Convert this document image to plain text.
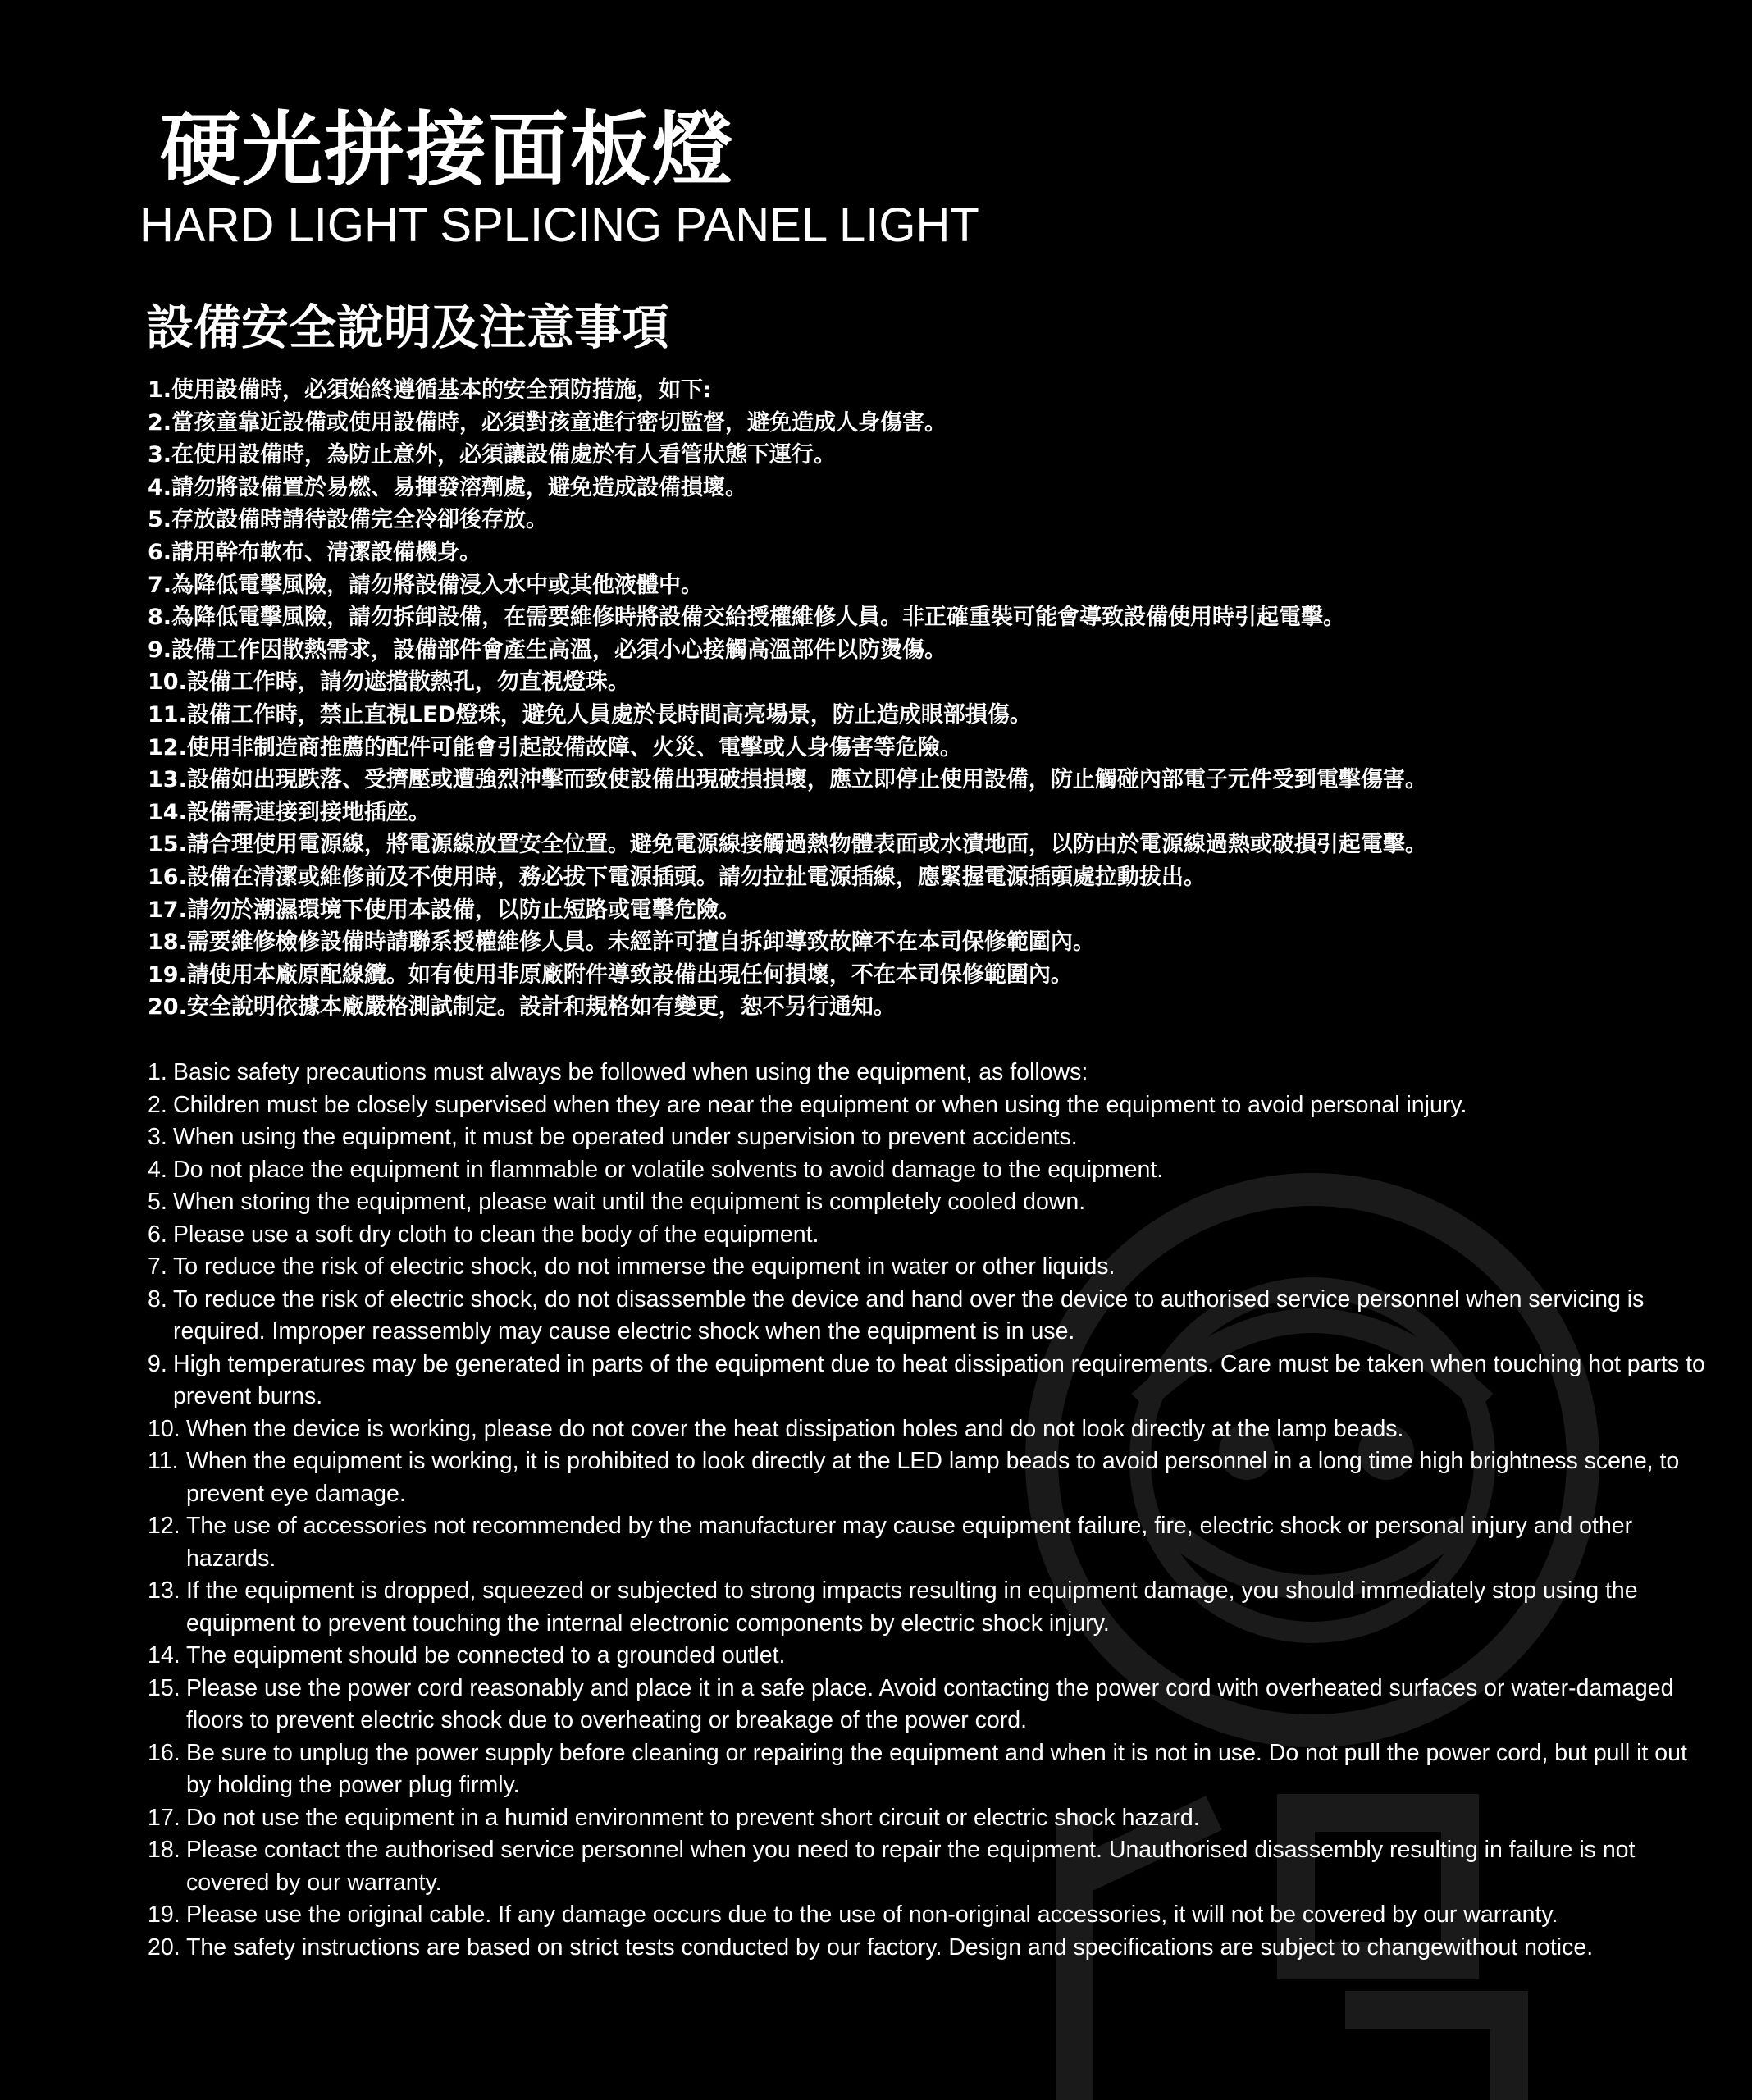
硬光拼接面板燈
HARD LIGHT SPLICING PANEL LIGHT
設備安全說明及注意事項
1.使用設備時，必須始終遵循基本的安全預防措施，如下:
2.當孩童靠近設備或使用設備時，必須對孩童進行密切監督，避免造成人身傷害。
3.在使用設備時，為防止意外，必須讓設備處於有人看管狀態下運行。
4.請勿將設備置於易燃、易揮發溶劑處，避免造成設備損壞。
5.存放設備時請待設備完全冷卻後存放。
6.請用幹布軟布、清潔設備機身。
7.為降低電擊風險，請勿將設備浸入水中或其他液體中。
8.為降低電擊風險，請勿拆卸設備，在需要維修時將設備交給授權維修人員。非正確重裝可能會導致設備使用時引起電擊。
9.設備工作因散熱需求，設備部件會產生高溫，必須小心接觸高溫部件以防燙傷。
10.設備工作時，請勿遮擋散熱孔，勿直視燈珠。
11.設備工作時，禁止直視LED燈珠，避免人員處於長時間高亮場景，防止造成眼部損傷。
12.使用非制造商推薦的配件可能會引起設備故障、火災、電擊或人身傷害等危險。
13.設備如出現跌落、受擠壓或遭強烈沖擊而致使設備出現破損損壞，應立即停止使用設備，防止觸碰內部電子元件受到電擊傷害。
14.設備需連接到接地插座。
15.請合理使用電源線，將電源線放置安全位置。避免電源線接觸過熱物體表面或水漬地面，以防由於電源線過熱或破損引起電擊。
16.設備在清潔或維修前及不使用時，務必拔下電源插頭。請勿拉扯電源插線，應緊握電源插頭處拉動拔出。
17.請勿於潮濕環境下使用本設備，以防止短路或電擊危險。
18.需要維修檢修設備時請聯系授權維修人員。未經許可擅自拆卸導致故障不在本司保修範圍內。
19.請使用本廠原配線纜。如有使用非原廠附件導致設備出現任何損壞，不在本司保修範圍內。
20.安全說明依據本廠嚴格測試制定。設計和規格如有變更，恕不另行通知。
1. Basic safety precautions must always be followed when using the equipment, as follows:
2. Children must be closely supervised when they are near the equipment or when using the equipment to avoid personal injury.
3. When using the equipment, it must be operated under supervision to prevent accidents.
4. Do not place the equipment in flammable or volatile solvents to avoid damage to the equipment.
5. When storing the equipment, please wait until the equipment is completely cooled down.
6. Please use a soft dry cloth to clean the body of the equipment.
7. To reduce the risk of electric shock, do not immerse the equipment in water or other liquids.
8. To reduce the risk of electric shock, do not disassemble the device and hand over the device to authorised service personnel when servicing is required. Improper reassembly may cause electric shock when the equipment is in use.
9. High temperatures may be generated in parts of the equipment due to heat dissipation requirements. Care must be taken when touching hot parts to prevent burns.
10. When the device is working, please do not cover the heat dissipation holes and do not look directly at the lamp beads.
11. When the equipment is working, it is prohibited to look directly at the LED lamp beads to avoid personnel in a long time high brightness scene, to prevent eye damage.
12. The use of accessories not recommended by the manufacturer may cause equipment failure, fire, electric shock or personal injury and other hazards.
13. If the equipment is dropped, squeezed or subjected to strong impacts resulting in equipment damage, you should immediately stop using the equipment to prevent touching the internal electronic components by electric shock injury.
14. The equipment should be connected to a grounded outlet.
15. Please use the power cord reasonably and place it in a safe place. Avoid contacting the power cord with overheated surfaces or water-damaged floors to prevent electric shock due to overheating or breakage of the power cord.
16. Be sure to unplug the power supply before cleaning or repairing the equipment and when it is not in use. Do not pull the power cord, but pull it out by holding the power plug firmly.
17. Do not use the equipment in a humid environment to prevent short circuit or electric shock hazard.
18. Please contact the authorised service personnel when you need to repair the equipment. Unauthorised disassembly resulting in failure is not covered by our warranty.
19. Please use the original cable. If any damage occurs due to the use of non-original accessories, it will not be covered by our warranty.
20. The safety instructions are based on strict tests conducted by our factory. Design and specifications are subject to changewithout notice.
